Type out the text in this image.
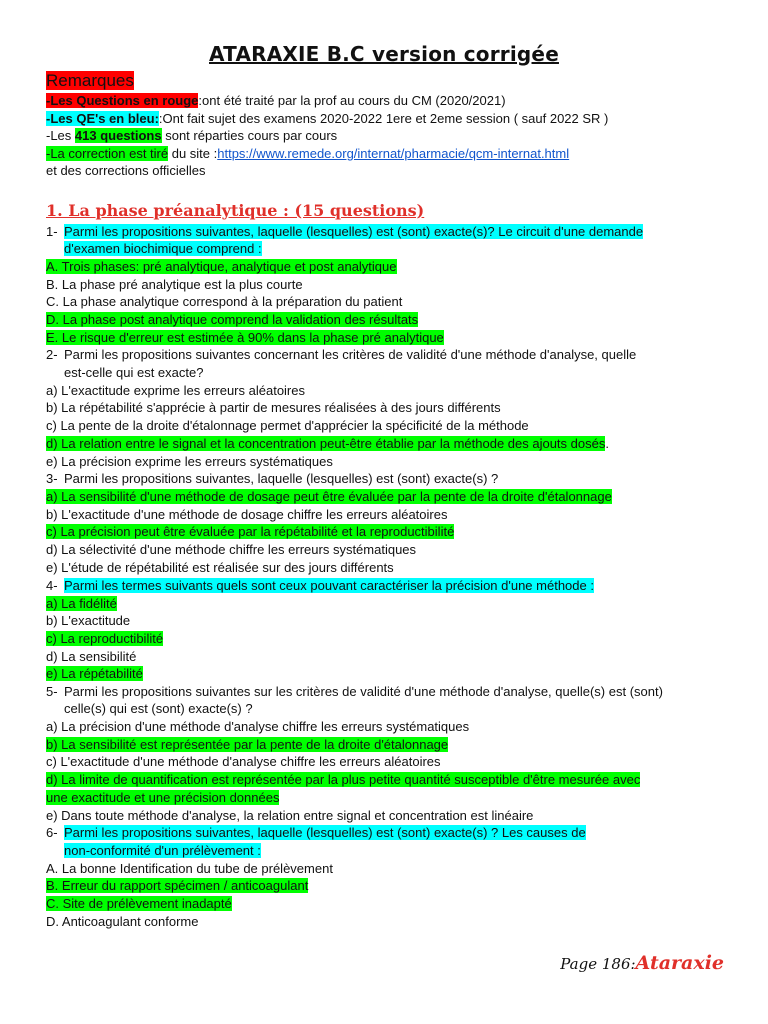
ATARAXIE B.C version corrigée
Remarques
-Les Questions en rouge:ont été traité par la prof au cours du CM (2020/2021)
-Les QE's en bleu::Ont fait sujet des examens 2020-2022 1ere et 2eme session ( sauf 2022 SR )
-Les 413 questions sont réparties cours par cours
-La correction est tiré du site :https://www.remede.org/internat/pharmacie/qcm-internat.html
et des corrections officielles
1. La phase préanalytique : (15 questions)
1- Parmi les propositions suivantes, laquelle (lesquelles) est (sont) exacte(s)? Le circuit d'une demande
d'examen biochimique comprend :
A. Trois phases: pré analytique, analytique et post analytique
B. La phase pré analytique est la plus courte
C. La phase analytique correspond à la préparation du patient
D. La phase post analytique comprend la validation des résultats
E. Le risque d'erreur est estimée à 90% dans la phase pré analytique
2- Parmi les propositions suivantes concernant les critères de validité d'une méthode d'analyse, quelle
est-celle qui est exacte?
a) L'exactitude exprime les erreurs aléatoires
b) La répétabilité s'apprécie à partir de mesures réalisées à des jours différents
c) La pente de la droite d'étalonnage permet d'apprécier la spécificité de la méthode
d) La relation entre le signal et la concentration peut-être établie par la méthode des ajouts dosés.
e) La précision exprime les erreurs systématiques
3- Parmi les propositions suivantes, laquelle (lesquelles) est (sont) exacte(s) ?
a) La sensibilité d'une méthode de dosage peut être évaluée par la pente de la droite d'étalonnage
b) L'exactitude d'une méthode de dosage chiffre les erreurs aléatoires
c) La précision peut être évaluée par la répétabilité et la reproductibilité
d) La sélectivité d'une méthode chiffre les erreurs systématiques
e) L'étude de répétabilité est réalisée sur des jours différents
4- Parmi les termes suivants quels sont ceux pouvant caractériser la précision d'une méthode :
a) La fidélité
b) L'exactitude
c) La reproductibilité
d) La sensibilité
e) La répétabilité
5- Parmi les propositions suivantes sur les critères de validité d'une méthode d'analyse, quelle(s) est (sont)
celle(s) qui est (sont) exacte(s) ?
a) La précision d'une méthode d'analyse chiffre les erreurs systématiques
b) La sensibilité est représentée par la pente de la droite d'étalonnage
c) L'exactitude d'une méthode d'analyse chiffre les erreurs aléatoires
d) La limite de quantification est représentée par la plus petite quantité susceptible d'être mesurée avec
une exactitude et une précision données
e) Dans toute méthode d'analyse, la relation entre signal et concentration est linéaire
6- Parmi les propositions suivantes, laquelle (lesquelles) est (sont) exacte(s) ? Les causes de
non-conformité d'un prélèvement :
A. La bonne Identification du tube de prélèvement
B. Erreur du rapport spécimen / anticoagulant
C. Site de prélèvement inadapté
D. Anticoagulant conforme
Page 186:Ataraxie
